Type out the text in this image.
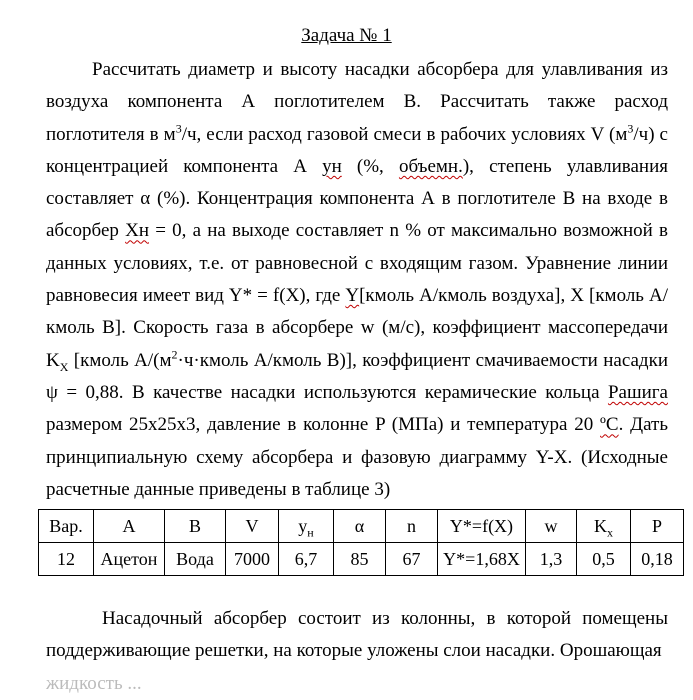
Задача № 1
Рассчитать диаметр и высоту насадки абсорбера для улавливания из воздуха компонента А поглотителем В. Рассчитать также расход поглотителя в $м^3/ч$, если расход газовой смеси в рабочих условиях V $(м^3/ч)$ с концентрацией компонента А ун (%, объемн.), степень улавливания составляет α (%). Концентрация компонента А в поглотителе В на входе в абсорбер Хн = 0, а на выходе составляет n % от максимально возможной в данных условиях, т.е. от равновесной с входящим газом. Уравнение линии равновесия имеет вид Y* = f(X), где Y[кмоль А/кмоль воздуха], X [кмоль А/кмоль В]. Скорость газа в абсорбере w (м/с), коэффициент массопередачи $K_X$ [кмоль $А/(м^2\cdot ч\cdot кмоль$ А/кмоль В)], коэффициент смачиваемости насадки ψ = 0,88. В качестве насадки используются керамические кольца Рашига размером 25x25x3, давление в колонне P (МПа) и температура 20 ºС. Дать принципиальную схему абсорбера и фазовую диаграмму Y-X. (Исходные расчетные данные приведены в таблице 3)
Вар.	A	B	V	$y_н$	α	n	Y*=f(X)	w	$K_x$	P
12	Ацетон	Вода	7000	6,7	85	67	Y*=1,68X	1,3	0,5	0,18
Насадочный абсорбер состоит из колонны, в которой помещены поддерживающие решетки, на которые уложены слои насадки. Орошающая
жидкость ...
